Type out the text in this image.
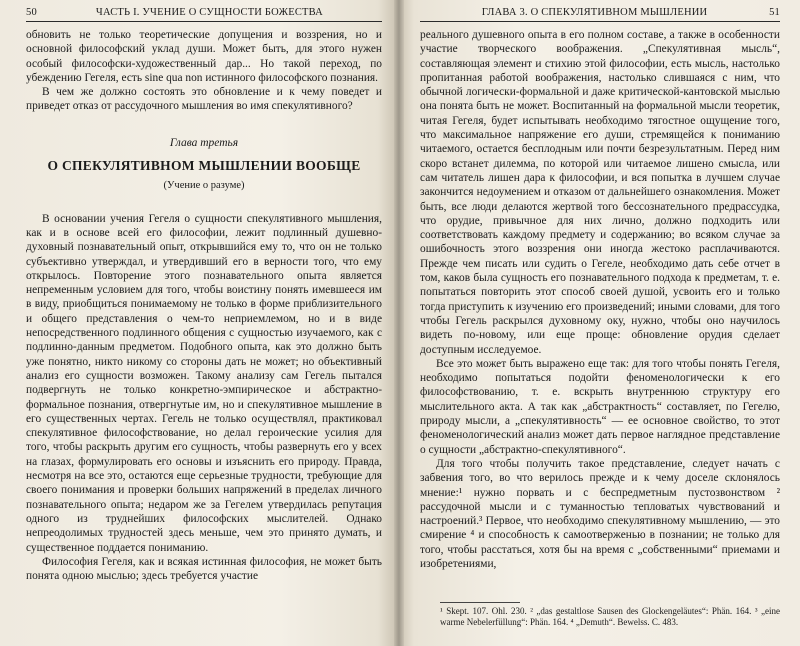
50	ЧАСТЬ I. УЧЕНИЕ О СУЩНОСТИ БОЖЕСТВА

обновить не только теоретические допущения и воззрения, но и основной философский уклад души. Может быть, для этого нужен особый философски-художественный дар... Но такой переход, по убеждению Гегеля, есть sine qua non истинного философского познания.

В чем же должно состоять это обновление и к чему поведет и приведет отказ от рассудочного мышления во имя спекулятивного?

Глава третья
О СПЕКУЛЯТИВНОМ МЫШЛЕНИИ ВООБЩЕ
(Учение о разуме)

В основании учения Гегеля о сущности спекулятивного мышления, как и в основе всей его философии, лежит подлинный душевно-духовный познавательный опыт, открывшийся ему то, что он не только субъективно утверждал, и утвердивший его в верности того, что ему открылось. Повторение этого познавательного опыта является непременным условием для того, чтобы воистину понять имевшееся им в виду, приобщиться понимаемому не только в форме приблизительного и общего представления о чем-то неприемлемом, но и в виде непосредственного подлинного общения с сущностью изучаемого, как с подлинно-данным предметом. Подобного опыта, как это должно быть уже понятно, никто никому со стороны дать не может; но объективный анализ его сущности возможен. Такому анализу сам Гегель пытался подвергнуть не только конкретно-эмпирическое и абстрактно-формальное познания, отвергнутые им, но и спекулятивное мышление в его существенных чертах. Гегель не только осуществлял, практиковал спекулятивное философствование, но делал героические усилия для того, чтобы раскрыть другим его сущность, чтобы развернуть его у всех на глазах, формулировать его основы и изъяснить его природу. Правда, несмотря на все это, остаются еще серьезные трудности, требующие для своего понимания и проверки больших напряжений в пределах личного познавательного опыта; недаром же за Гегелем утвердилась репутация одного из труднейших философских мыслителей. Однако непреодолимых трудностей здесь меньше, чем это принято думать, и существенное поддается пониманию.

Философия Гегеля, как и всякая истинная философия, не может быть понята одною мыслью; здесь требуется участие

ГЛАВА 3. О СПЕКУЛЯТИВНОМ МЫШЛЕНИИ	51

реального душевного опыта в его полном составе, а также в особенности участие творческого воображения. „Спекулятивная мысль“, составляющая элемент и стихию этой философии, есть мысль, настолько пропитанная работой воображения, настолько слившаяся с ним, что обычной логически-формальной и даже критической-кантовской мыслью она понята быть не может. Воспитанный на формальной мысли теоретик, читая Гегеля, будет испытывать необходимо тягостное ощущение того, что максимальное напряжение его души, стремящейся к пониманию читаемого, остается бесплодным или почти безрезультатным. Перед ним скоро встанет дилемма, по которой или читаемое лишено смысла, или сам читатель лишен дара к философии, и вся попытка в лучшем случае закончится недоумением и отказом от дальнейшего ознакомления. Может быть, все люди делаются жертвой того бессознательного предрассудка, что орудие, привычное для них лично, должно подходить или соответствовать каждому предмету и содержанию; во всяком случае за ошибочность этого воззрения они иногда жестоко расплачиваются. Прежде чем писать или судить о Гегеле, необходимо дать себе отчет в том, каков была сущность его познавательного подхода к предметам, т. е. попытаться повторить этот способ своей душой, усвоить его и только тогда приступить к изучению его произведений; иными словами, для того чтобы Гегель раскрылся духовному оку, нужно, чтобы оно научилось видеть по-новому, или еще проще: обновление орудия сделает доступным исследуемое.

Все это может быть выражено еще так: для того чтобы понять Гегеля, необходимо попытаться подойти феноменологически к его философствованию, т. е. вскрыть внутреннюю структуру его мыслительного акта. А так как „абстрактность“ составляет, по Гегелю, природу мысли, а „спекулятивность“ — ее основное свойство, то этот феноменологический анализ может дать первое наглядное представление о сущности „абстрактно-спекулятивного“.

Для того чтобы получить такое представление, следует начать с забвения того, во что верилось прежде и к чему доселе склонялось мнение:¹ нужно порвать и с беспредметным пустозвонством ² рассудочной мысли и с туманностью тепловатых чувствований и настроений.³ Первое, что необходимо спекулятивному мышлению, — это смирение ⁴ и способность к самоотверженью в познании; не только для того, чтобы расстаться, хотя бы на время с „собственными“ приемами и изобретениями,

¹ Skept. 107. Ohl. 230. ² „das gestaltlose Sausen des Glockengeläutes“: Phän. 164. ³ „eine warme Nebelerfüllung“: Phän. 164. ⁴ „Demuth“. Bewelss. C. 483.
